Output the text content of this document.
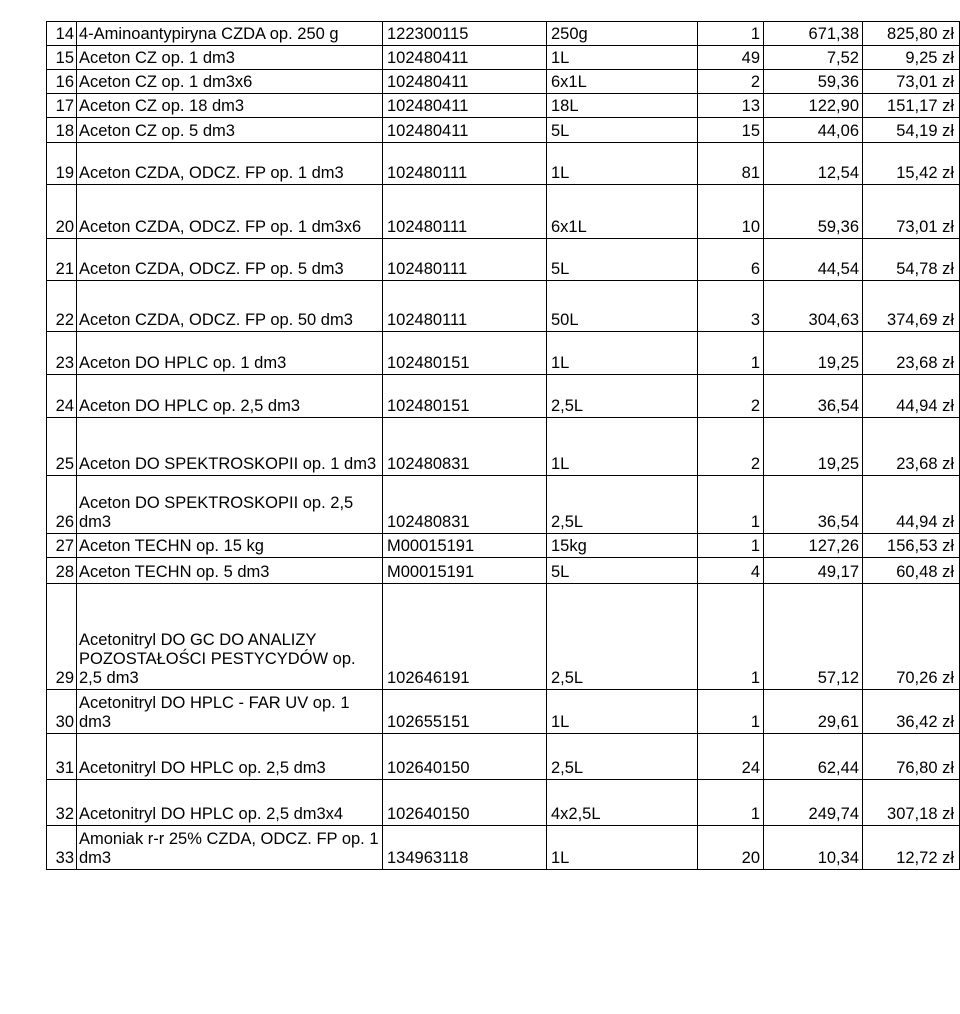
14	4-Aminoantypiryna CZDA op. 250 g	122300115	250g	1	671,38	825,80 zł
15	Aceton CZ op. 1 dm3	102480411	1L	49	7,52	9,25 zł
16	Aceton CZ op. 1 dm3x6	102480411	6x1L	2	59,36	73,01 zł
17	Aceton CZ op. 18 dm3	102480411	18L	13	122,90	151,17 zł
18	Aceton CZ op. 5 dm3	102480411	5L	15	44,06	54,19 zł
19	Aceton CZDA, ODCZ. FP op. 1 dm3	102480111	1L	81	12,54	15,42 zł
20	Aceton CZDA, ODCZ. FP op. 1 dm3x6	102480111	6x1L	10	59,36	73,01 zł
21	Aceton CZDA, ODCZ. FP op. 5 dm3	102480111	5L	6	44,54	54,78 zł
22	Aceton CZDA, ODCZ. FP op. 50 dm3	102480111	50L	3	304,63	374,69 zł
23	Aceton DO HPLC op. 1 dm3	102480151	1L	1	19,25	23,68 zł
24	Aceton DO HPLC op. 2,5 dm3	102480151	2,5L	2	36,54	44,94 zł
25	Aceton DO SPEKTROSKOPII op. 1 dm3	102480831	1L	2	19,25	23,68 zł
26	Aceton DO SPEKTROSKOPII op. 2,5 dm3	102480831	2,5L	1	36,54	44,94 zł
27	Aceton TECHN op. 15 kg	M00015191	15kg	1	127,26	156,53 zł
28	Aceton TECHN op. 5 dm3	M00015191	5L	4	49,17	60,48 zł
29	Acetonitryl DO GC DO ANALIZY POZOSTAŁOŚCI PESTYCYDÓW op. 2,5 dm3	102646191	2,5L	1	57,12	70,26 zł
30	Acetonitryl DO HPLC - FAR UV op. 1 dm3	102655151	1L	1	29,61	36,42 zł
31	Acetonitryl DO HPLC op. 2,5 dm3	102640150	2,5L	24	62,44	76,80 zł
32	Acetonitryl DO HPLC op. 2,5 dm3x4	102640150	4x2,5L	1	249,74	307,18 zł
33	Amoniak r-r 25% CZDA, ODCZ. FP op. 1 dm3	134963118	1L	20	10,34	12,72 zł
